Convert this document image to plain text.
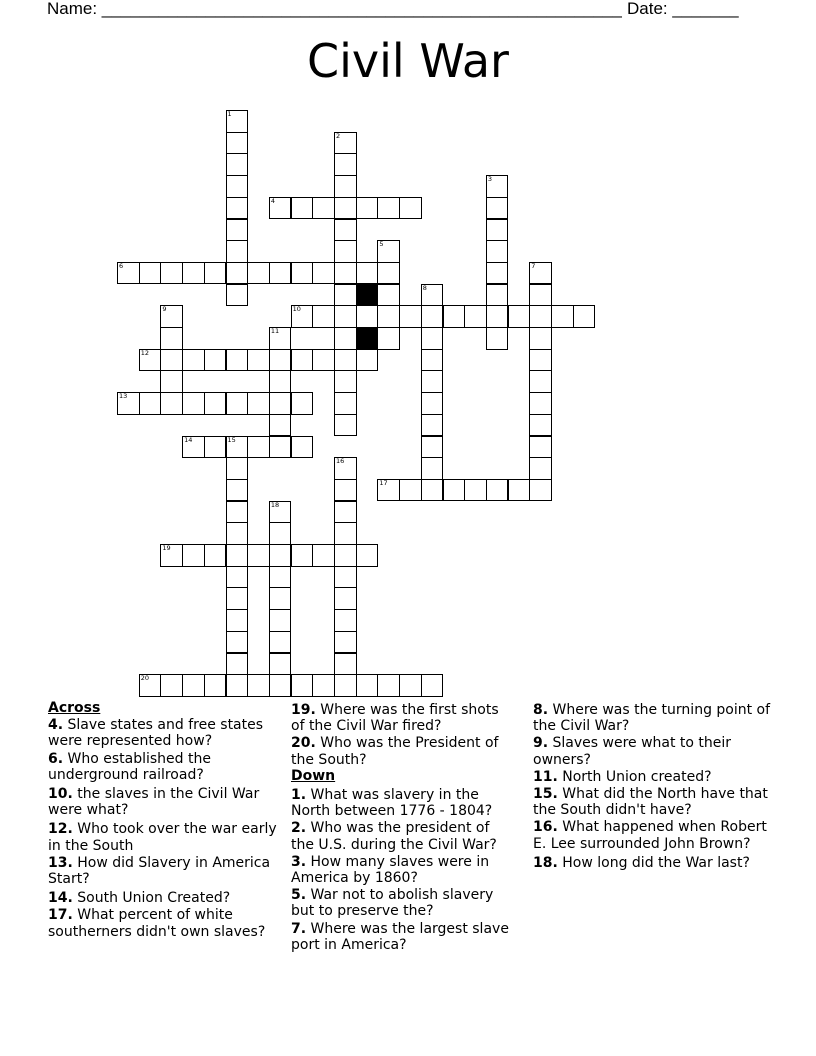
Name: _______________________________________________________ Date: _______
Civil War
1
2
3
4
5
6	7
8
9	10
11
12
13
14	15
16
17
18
19
20
Across
4. Slave states and free states were represented how?
6. Who established the underground railroad?
10. the slaves in the Civil War were what?
12. Who took over the war early in the South
13. How did Slavery in America Start?
14. South Union Created?
17. What percent of white southerners didn't own slaves?
19. Where was the first shots of the Civil War fired?
20. Who was the President of the South?
Down
1. What was slavery in the North between 1776 - 1804?
2. Who was the president of the U.S. during the Civil War?
3. How many slaves were in America by 1860?
5. War not to abolish slavery but to preserve the?
7. Where was the largest slave port in America?
8. Where was the turning point of the Civil War?
9. Slaves were what to their owners?
11. North Union created?
15. What did the North have that the South didn't have?
16. What happened when Robert E. Lee surrounded John Brown?
18. How long did the War last?
